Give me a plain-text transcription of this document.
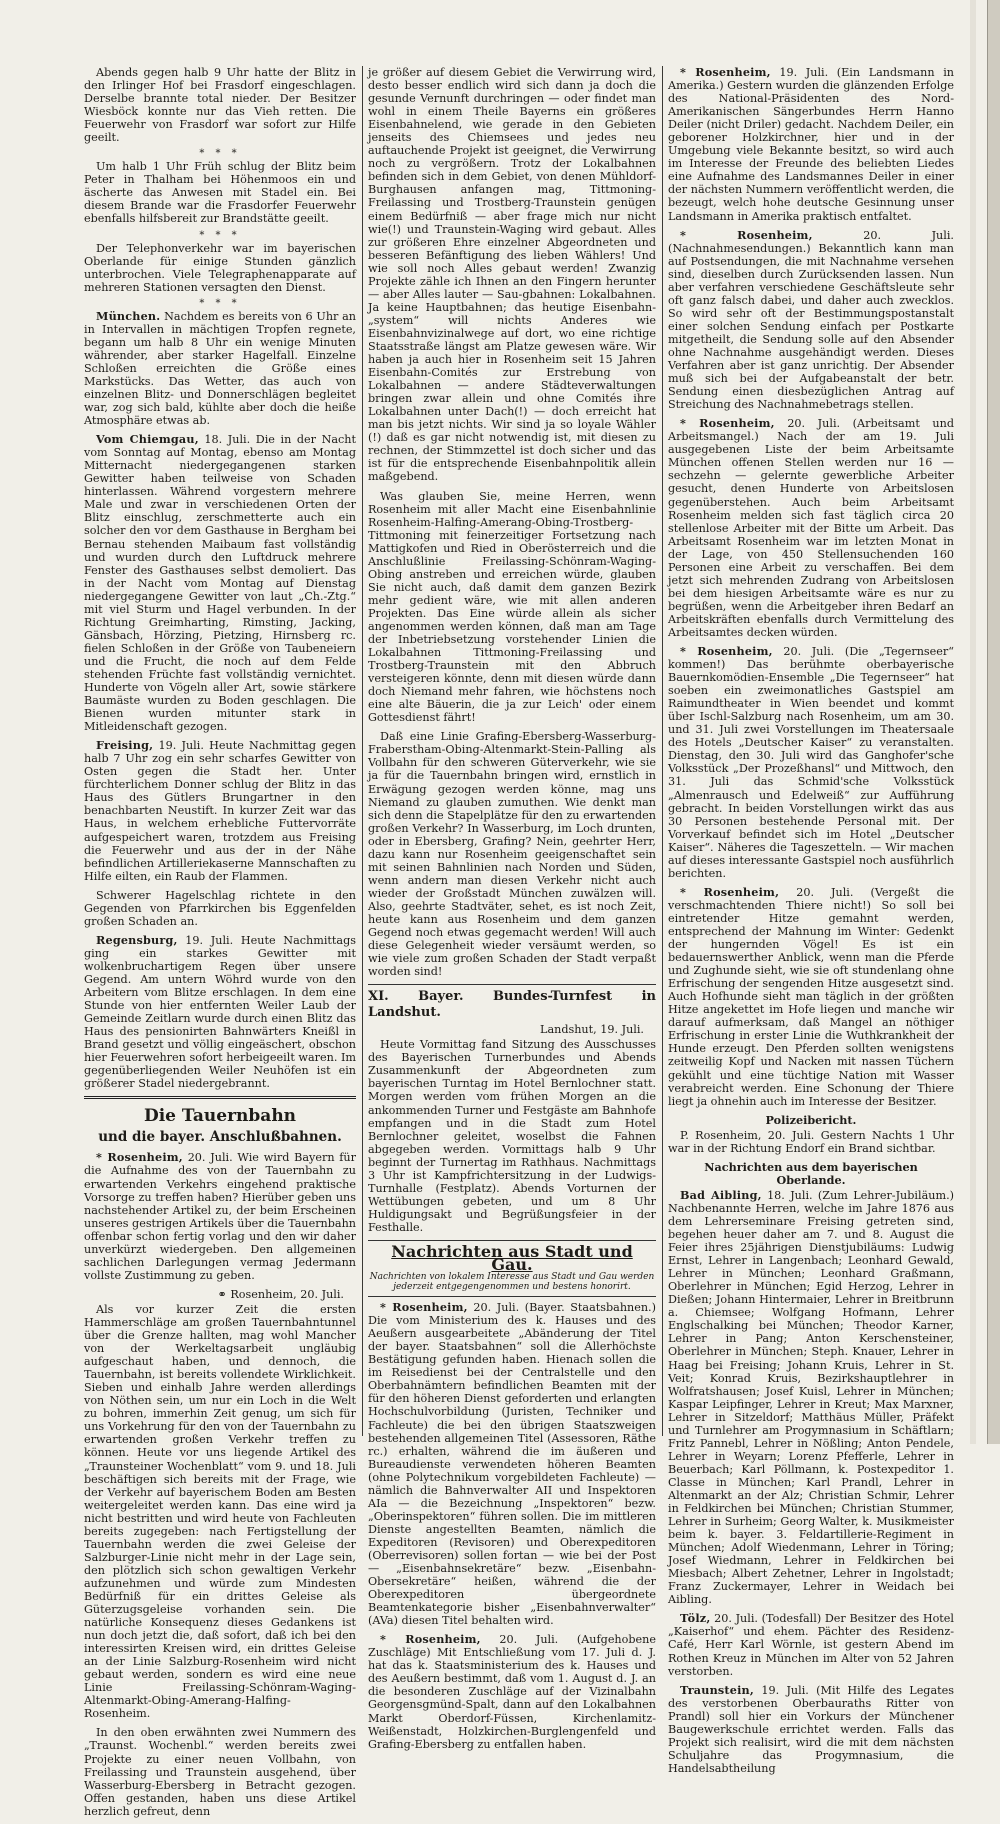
Abends gegen halb 9 Uhr hatte der Blitz in den Irlinger Hof bei Frasdorf eingeschlagen. Derselbe brannte total nieder. Der Besitzer Wiesböck konnte nur das Vieh retten. Die Feuerwehr von Frasdorf war sofort zur Hilfe geeilt.

* * *

Um halb 1 Uhr Früh schlug der Blitz beim Peter in Thalham bei Höhenmoos ein und äscherte das Anwesen mit Stadel ein. Bei diesem Brande war die Frasdorfer Feuerwehr ebenfalls hilfsbereit zur Brandstätte geeilt.

* * *

Der Telephonverkehr war im bayerischen Oberlande für einige Stunden gänzlich unterbrochen. Viele Telegraphenapparate auf mehreren Stationen versagten den Dienst.

* * *

München. Nachdem es bereits von 6 Uhr an in Intervallen in mächtigen Tropfen regnete, begann um halb 8 Uhr ein wenige Minuten währender, aber starker Hagelfall. Einzelne Schloßen erreichten die Größe eines Markstücks. Das Wetter, das auch von einzelnen Blitz- und Donnerschlägen begleitet war, zog sich bald, kühlte aber doch die heiße Atmosphäre etwas ab.

Vom Chiemgau, 18. Juli. Die in der Nacht vom Sonntag auf Montag, ebenso am Montag Mitternacht niedergegangenen starken Gewitter haben teilweise von Schaden hinterlassen. Während vorgestern mehrere Male und zwar in verschiedenen Orten der Blitz einschlug, zerschmetterte auch ein solcher den vor dem Gasthause in Bergham bei Bernau stehenden Maibaum fast vollständig und wurden durch den Luftdruck mehrere Fenster des Gasthauses selbst demoliert. Das in der Nacht vom Montag auf Dienstag niedergegangene Gewitter von laut „Ch.-Ztg.“ mit viel Sturm und Hagel verbunden. In der Richtung Greimharting, Rimsting, Jacking, Gänsbach, Hörzing, Pietzing, Hirnsberg rc. fielen Schloßen in der Größe von Taubeneiern und die Frucht, die noch auf dem Felde stehenden Früchte fast vollständig vernichtet. Hunderte von Vögeln aller Art, sowie stärkere Baumäste wurden zu Boden geschlagen. Die Bienen wurden mitunter stark in Mitleidenschaft gezogen.

Freising, 19. Juli. Heute Nachmittag gegen halb 7 Uhr zog ein sehr scharfes Gewitter von Osten gegen die Stadt her. Unter fürchterlichem Donner schlug der Blitz in das Haus des Gütlers Brungartner in den benachbarten Neustift. In kurzer Zeit war das Haus, in welchem erhebliche Futtervorräte aufgespeichert waren, trotzdem aus Freising die Feuerwehr und aus der in der Nähe befindlichen Artilleriekaserne Mannschaften zu Hilfe eilten, ein Raub der Flammen.

Schwerer Hagelschlag richtete in den Gegenden von Pfarrkirchen bis Eggenfelden großen Schaden an.

Regensburg, 19. Juli. Heute Nachmittags ging ein starkes Gewitter mit wolkenbruchartigem Regen über unsere Gegend. Am untern Wöhrd wurde von den Arbeitern vom Blitze erschlagen. In dem eine Stunde von hier entfernten Weiler Laub der Gemeinde Zeitlarn wurde durch einen Blitz das Haus des pensionirten Bahnwärters Kneißl in Brand gesetzt und völlig eingeäschert, obschon hier Feuerwehren sofort herbeigeeilt waren. Im gegenüberliegenden Weiler Neuhöfen ist ein größerer Stadel niedergebrannt.

Die Tauernbahn
und die bayer. Anschlußbahnen.

* Rosenheim, 20. Juli. Wie wird Bayern für die Aufnahme des von der Tauernbahn zu erwartenden Verkehrs eingehend praktische Vorsorge zu treffen haben? Hierüber geben uns nachstehender Artikel zu, der beim Erscheinen unseres gestrigen Artikels über die Tauernbahn offenbar schon fertig vorlag und den wir daher unverkürzt wiedergeben. Den allgemeinen sachlichen Darlegungen vermag Jedermann vollste Zustimmung zu geben.

⚭ Rosenheim, 20. Juli.

Als vor kurzer Zeit die ersten Hammerschläge am großen Tauernbahntunnel über die Grenze hallten, mag wohl Mancher von der Werkeltagsarbeit ungläubig aufgeschaut haben, und dennoch, die Tauernbahn, ist bereits vollendete Wirklichkeit. Sieben und einhalb Jahre werden allerdings von Nöthen sein, um nur ein Loch in die Welt zu bohren, immerhin Zeit genug, um sich für uns Vorkehrung für den von der Tauernbahn zu erwartenden großen Verkehr treffen zu können. Heute vor uns liegende Artikel des „Traunsteiner Wochenblatt“ vom 9. und 18. Juli beschäftigen sich bereits mit der Frage, wie der Verkehr auf bayerischem Boden am Besten weitergeleitet werden kann. Das eine wird ja nicht bestritten und wird heute von Fachleuten bereits zugegeben: nach Fertigstellung der Tauernbahn werden die zwei Geleise der Salzburger-Linie nicht mehr in der Lage sein, den plötzlich sich schon gewaltigen Verkehr aufzunehmen und würde zum Mindesten Bedürfniß für ein drittes Geleise als Güterzugsgeleise vorhanden sein. Die natürliche Konsequenz dieses Gedankens ist nun doch jetzt die, daß sofort, daß ich bei den interessirten Kreisen wird, ein drittes Geleise an der Linie Salzburg-Rosenheim wird nicht gebaut werden, sondern es wird eine neue Linie Freilassing-Schönram-Waging-Altenmarkt-Obing-Amerang-Halfing-Rosenheim.

In den oben erwähnten zwei Nummern des „Traunst. Wochenbl.“ werden bereits zwei Projekte zu einer neuen Vollbahn, von Freilassing und Traunstein ausgehend, über Wasserburg-Ebersberg in Betracht gezogen. Offen gestanden, haben uns diese Artikel herzlich gefreut, denn

je größer auf diesem Gebiet die Verwirrung wird, desto besser endlich wird sich dann ja doch die gesunde Vernunft durchringen — oder findet man wohl in einem Theile Bayerns ein größeres Eisenbahnelend, wie gerade in den Gebieten jenseits des Chiemsees und jedes neu auftauchende Projekt ist geeignet, die Verwirrung noch zu vergrößern. Trotz der Lokalbahnen befinden sich in dem Gebiet, von denen Mühldorf-Burghausen anfangen mag, Tittmoning-Freilassing und Trostberg-Traunstein genügen einem Bedürfniß — aber frage mich nur nicht wie(!) und Traunstein-Waging wird gebaut. Alles zur größeren Ehre einzelner Abgeordneten und besseren Befänftigung des lieben Wählers! Und wie soll noch Alles gebaut werden! Zwanzig Projekte zähle ich Ihnen an den Fingern herunter — aber Alles lauter — Sau-gbahnen: Lokalbahnen. Ja keine Hauptbahnen; das heutige Eisenbahn-„system“ will nichts Anderes wie Eisenbahnvizinalwege auf dort, wo eine richtige Staatsstraße längst am Platze gewesen wäre. Wir haben ja auch hier in Rosenheim seit 15 Jahren Eisenbahn-Comités zur Erstrebung von Lokalbahnen — andere Städteverwaltungen bringen zwar allein und ohne Comités ihre Lokalbahnen unter Dach(!) — doch erreicht hat man bis jetzt nichts. Wir sind ja so loyale Wähler (!) daß es gar nicht notwendig ist, mit diesen zu rechnen, der Stimmzettel ist doch sicher und das ist für die entsprechende Eisenbahnpolitik allein maßgebend.

Was glauben Sie, meine Herren, wenn Rosenheim mit aller Macht eine Eisenbahnlinie Rosenheim-Halfing-Amerang-Obing-Trostberg-Tittmoning mit feinerzeitiger Fortsetzung nach Mattigkofen und Ried in Oberösterreich und die Anschlußlinie Freilassing-Schönram-Waging-Obing anstreben und erreichen würde, glauben Sie nicht auch, daß damit dem ganzen Bezirk mehr gedient wäre, wie mit allen anderen Projekten. Das Eine würde allein als sicher angenommen werden können, daß man am Tage der Inbetriebsetzung vorstehender Linien die Lokalbahnen Tittmoning-Freilassing und Trostberg-Traunstein mit den Abbruch versteigeren könnte, denn mit diesen würde dann doch Niemand mehr fahren, wie höchstens noch eine alte Bäuerin, die ja zur Leich' oder einem Gottesdienst fährt!

Daß eine Linie Grafing-Ebersberg-Wasserburg-Fraberstham-Obing-Altenmarkt-Stein-Palling als Vollbahn für den schweren Güterverkehr, wie sie ja für die Tauernbahn bringen wird, ernstlich in Erwägung gezogen werden könne, mag uns Niemand zu glauben zumuthen. Wie denkt man sich denn die Stapelplätze für den zu erwartenden großen Verkehr? In Wasserburg, im Loch drunten, oder in Ebersberg, Grafing? Nein, geehrter Herr, dazu kann nur Rosenheim geeigenschaftet sein mit seinen Bahnlinien nach Norden und Süden, wenn andern man diesen Verkehr nicht auch wieder der Großstadt München zuwälzen will. Also, geehrte Stadtväter, sehet, es ist noch Zeit, heute kann aus Rosenheim und dem ganzen Gegend noch etwas gegemacht werden! Will auch diese Gelegenheit wieder versäumt werden, so wie viele zum großen Schaden der Stadt verpaßt worden sind!

XI. Bayer. Bundes-Turnfest in Landshut.
Landshut, 19. Juli.

Heute Vormittag fand Sitzung des Ausschusses des Bayerischen Turnerbundes und Abends Zusammenkunft der Abgeordneten zum bayerischen Turntag im Hotel Bernlochner statt. Morgen werden vom frühen Morgen an die ankommenden Turner und Festgäste am Bahnhofe empfangen und in die Stadt zum Hotel Bernlochner geleitet, woselbst die Fahnen abgegeben werden. Vormittags halb 9 Uhr beginnt der Turnertag im Rathhaus. Nachmittags 3 Uhr ist Kampfrichtersitzung in der Ludwigs-Turnhalle (Festplatz). Abends Vorturnen der Wettübungen gebeten, und um 8 Uhr Huldigungsakt und Begrüßungsfeier in der Festhalle.

Nachrichten aus Stadt und Gau.
Nachrichten von lokalem Interesse aus Stadt und Gau werden jederzeit entgegengenommen und bestens honorirt.

* Rosenheim, 20. Juli. (Bayer. Staatsbahnen.) Die vom Ministerium des k. Hauses und des Aeußern ausgearbeitete „Abänderung der Titel der bayer. Staatsbahnen“ soll die Allerhöchste Bestätigung gefunden haben. Hienach sollen die im Reisedienst bei der Centralstelle und den Oberbahnämtern befindlichen Beamten mit der für den höheren Dienst geforderten und erlangten Hochschulvorbildung (Juristen, Techniker und Fachleute) die bei den übrigen Staatszweigen bestehenden allgemeinen Titel (Assessoren, Räthe rc.) erhalten, während die im äußeren und Bureaudienste verwendeten höheren Beamten (ohne Polytechnikum vorgebildeten Fachleute) — nämlich die Bahnverwalter AII und Inspektoren AIa — die Bezeichnung „Inspektoren“ bezw. „Oberinspektoren“ führen sollen. Die im mittleren Dienste angestellten Beamten, nämlich die Expeditoren (Revisoren) und Oberexpeditoren (Oberrevisoren) sollen fortan — wie bei der Post — „Eisenbahnsekretäre“ bezw. „Eisenbahn-Obersekretäre“ heißen, während die der Oberexpeditoren übergeordnete Beamtenkategorie bisher „Eisenbahnverwalter“ (AVa) diesen Titel behalten wird.

* Rosenheim, 20. Juli. (Aufgehobene Zuschläge) Mit Entschließung vom 17. Juli d. J. hat das k. Staatsministerium des k. Hauses und des Aeußern bestimmt, daß vom 1. August d. J. an die besonderen Zuschläge auf der Vizinalbahn Georgensgmünd-Spalt, dann auf den Lokalbahnen Markt Oberdorf-Füssen, Kirchenlamitz-Weißenstadt, Holzkirchen-Burglengenfeld und Grafing-Ebersberg zu entfallen haben.

* Rosenheim, 19. Juli. (Ein Landsmann in Amerika.) Gestern wurden die glänzenden Erfolge des National-Präsidenten des Nord-Amerikanischen Sängerbundes Herrn Hanno Deiler (nicht Driler) gedacht. Nachdem Deiler, ein geborener Holzkirchner, hier und in der Umgebung viele Bekannte besitzt, so wird auch im Interesse der Freunde des beliebten Liedes eine Aufnahme des Landsmannes Deiler in einer der nächsten Nummern veröffentlicht werden, die bezeugt, welch hohe deutsche Gesinnung unser Landsmann in Amerika praktisch entfaltet.

* Rosenheim,	20. Juli. (Nachnahmesendungen.) Bekanntlich kann man auf Postsendungen, die mit Nachnahme versehen sind, dieselben durch Zurücksenden lassen. Nun aber verfahren verschiedene Geschäftsleute sehr oft ganz falsch dabei, und daher auch zwecklos. So wird sehr oft der Bestimmungspostanstalt einer solchen Sendung einfach per Postkarte mitgetheilt, die Sendung solle auf den Absender ohne Nachnahme ausgehändigt werden. Dieses Verfahren aber ist ganz unrichtig. Der Absender muß sich bei der Aufgabeanstalt der betr. Sendung einen diesbezüglichen Antrag auf Streichung des Nachnahmebetrags stellen.

* Rosenheim, 20. Juli. (Arbeitsamt und Arbeitsmangel.) Nach der am 19. Juli ausgegebenen Liste der beim Arbeitsamte München offenen Stellen werden nur 16 — sechzehn — gelernte gewerbliche Arbeiter gesucht, denen Hunderte von Arbeitslosen gegenüberstehen. Auch beim Arbeitsamt Rosenheim melden sich fast täglich circa 20 stellenlose Arbeiter mit der Bitte um Arbeit. Das Arbeitsamt Rosenheim war im letzten Monat in der Lage, von 450 Stellensuchenden 160 Personen eine Arbeit zu verschaffen. Bei dem jetzt sich mehrenden Zudrang von Arbeitslosen bei dem hiesigen Arbeitsamte wäre es nur zu begrüßen, wenn die Arbeitgeber ihren Bedarf an Arbeitskräften ebenfalls durch Vermittelung des Arbeitsamtes decken würden.

* Rosenheim, 20. Juli. (Die „Tegernseer“ kommen!) Das berühmte oberbayerische Bauernkomödien-Ensemble „Die Tegernseer“ hat soeben ein zweimonatliches Gastspiel am Raimundtheater in Wien beendet und kommt über Ischl-Salzburg nach Rosenheim, um am 30. und 31. Juli zwei Vorstellungen im Theatersaale des Hotels „Deutscher Kaiser“ zu veranstalten. Dienstag, den 30. Juli wird das Ganghofer'sche Volksstück „Der Prozeßhansl“ und Mittwoch, den 31. Juli das Schmid'sche Volksstück „Almenrausch und Edelweiß“ zur Aufführung gebracht. In beiden Vorstellungen wirkt das aus 30 Personen bestehende Personal mit. Der Vorverkauf befindet sich im Hotel „Deutscher Kaiser“. Näheres die Tageszetteln. — Wir machen auf dieses interessante Gastspiel noch ausführlich berichten.

* Rosenheim, 20. Juli. (Vergeßt die verschmachtenden Thiere nicht!) So soll bei eintretender Hitze gemahnt werden, entsprechend der Mahnung im Winter: Gedenkt der hungernden Vögel! Es ist ein bedauernswerther Anblick, wenn man die Pferde und Zughunde sieht, wie sie oft stundenlang ohne Erfrischung der sengenden Hitze ausgesetzt sind. Auch Hofhunde sieht man täglich in der größten Hitze angekettet im Hofe liegen und manche wir darauf aufmerksam, daß Mangel an nöthiger Erfrischung in erster Linie die Wuthkrankheit der Hunde erzeugt. Den Pferden sollten wenigstens zeitweilig Kopf und Nacken mit nassen Tüchern gekühlt und eine tüchtige Nation mit Wasser verabreicht werden. Eine Schonung der Thiere liegt ja ohnehin auch im Interesse der Besitzer.

Polizeibericht.

P. Rosenheim, 20. Juli. Gestern Nachts 1 Uhr war in der Richtung Endorf ein Brand sichtbar.

Nachrichten aus dem bayerischen Oberlande.

Bad Aibling, 18. Juli. (Zum Lehrer-Jubiläum.) Nachbenannte Herren, welche im Jahre 1876 aus dem Lehrerseminare Freising getreten sind, begehen heuer daher am 7. und 8. August die Feier ihres 25jährigen Dienstjubiläums: Ludwig Ernst, Lehrer in Langenbach; Leonhard Gewald, Lehrer in München; Leonhard Graßmann, Oberlehrer in München; Egid Herzog, Lehrer in Dießen; Johann Hintermaier, Lehrer in Breitbrunn a. Chiemsee; Wolfgang Hofmann, Lehrer Englschalking bei München; Theodor Karner, Lehrer in Pang; Anton Kerschensteiner, Oberlehrer in München; Steph. Knauer, Lehrer in Haag bei Freising; Johann Kruis, Lehrer in St. Veit; Konrad Kruis, Bezirkshauptlehrer in Wolfratshausen; Josef Kuisl, Lehrer in München; Kaspar Leipfinger, Lehrer in Kreut; Max Marxner, Lehrer in Sitzeldorf; Matthäus Müller, Präfekt und Turnlehrer am Progymnasium in Schäftlarn; Fritz Pannebl, Lehrer in Nößling; Anton Pendele, Lehrer in Weyarn; Lorenz Pfefferle, Lehrer in Beuerbach; Karl Pöllmann, k. Postexpeditor 1. Classe in München; Karl Prandl, Lehrer in Altenmarkt an der Alz; Christian Schmir, Lehrer in Feldkirchen bei München; Christian Stummer, Lehrer in Surheim; Georg Walter, k. Musikmeister beim k. bayer. 3. Feldartillerie-Regiment in München; Adolf Wiedenmann, Lehrer in Töring; Josef Wiedmann, Lehrer in Feldkirchen bei Miesbach; Albert Zehetner, Lehrer in Ingolstadt; Franz Zuckermayer, Lehrer in Weidach bei Aibling.

Tölz, 20. Juli. (Todesfall) Der Besitzer des Hotel „Kaiserhof“ und ehem. Pächter des Residenz-Café, Herr Karl Wörnle, ist gestern Abend im Rothen Kreuz in München im Alter von 52 Jahren verstorben.

Traunstein, 19. Juli. (Mit Hilfe des Legates des verstorbenen Oberbauraths Ritter von Prandl) soll hier ein Vorkurs der Münchener Baugewerkschule errichtet werden. Falls das Projekt sich realisirt, wird die mit dem nächsten Schuljahre das Progymnasium, die Handelsabtheilung
